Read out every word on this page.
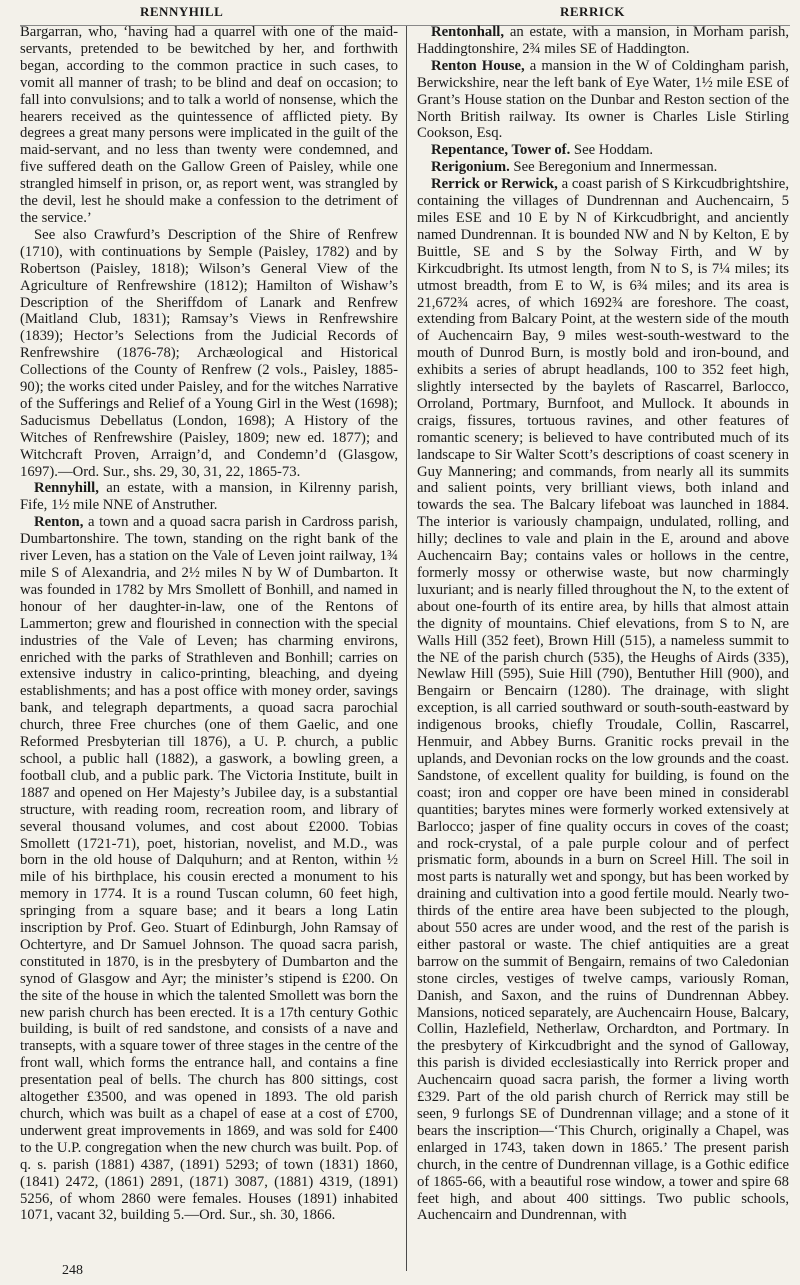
RENNYHILL	RERRICK

Bargarran, who, ‘having had a quarrel with one of the maid-servants, pretended to be bewitched by her, and forthwith began, according to the common practice in such cases, to vomit all manner of trash; to be blind and deaf on occasion; to fall into convulsions; and to talk a world of nonsense, which the hearers received as the quintessence of afflicted piety. By degrees a great many persons were implicated in the guilt of the maid-servant, and no less than twenty were condemned, and five suffered death on the Gallow Green of Paisley, while one strangled himself in prison, or, as report went, was strangled by the devil, lest he should make a confession to the detriment of the service.’

See also Crawfurd’s Description of the Shire of Renfrew (1710), with continuations by Semple (Paisley, 1782) and by Robertson (Paisley, 1818); Wilson’s General View of the Agriculture of Renfrewshire (1812); Hamilton of Wishaw’s Description of the Sheriffdom of Lanark and Renfrew (Maitland Club, 1831); Ramsay’s Views in Renfrewshire (1839); Hector’s Selections from the Judicial Records of Renfrewshire (1876-78); Archæological and Historical Collections of the County of Renfrew (2 vols., Paisley, 1885-90); the works cited under Paisley, and for the witches Narrative of the Sufferings and Relief of a Young Girl in the West (1698); Saducismus Debellatus (London, 1698); A History of the Witches of Renfrewshire (Paisley, 1809; new ed. 1877); and Witchcraft Proven, Arraign’d, and Condemn’d (Glasgow, 1697).—Ord. Sur., shs. 29, 30, 31, 22, 1865-73.

Rennyhill, an estate, with a mansion, in Kilrenny parish, Fife, 1½ mile NNE of Anstruther.

Renton, a town and a quoad sacra parish in Cardross parish, Dumbartonshire. The town, standing on the right bank of the river Leven, has a station on the Vale of Leven joint railway, 1¾ mile S of Alexandria, and 2½ miles N by W of Dumbarton. It was founded in 1782 by Mrs Smollett of Bonhill, and named in honour of her daughter-in-law, one of the Rentons of Lammerton; grew and flourished in connection with the special industries of the Vale of Leven; has charming environs, enriched with the parks of Strathleven and Bonhill; carries on extensive industry in calico-printing, bleaching, and dyeing establishments; and has a post office with money order, savings bank, and telegraph departments, a quoad sacra parochial church, three Free churches (one of them Gaelic, and one Reformed Presbyterian till 1876), a U. P. church, a public school, a public hall (1882), a gaswork, a bowling green, a football club, and a public park. The Victoria Institute, built in 1887 and opened on Her Majesty’s Jubilee day, is a substantial structure, with reading room, recreation room, and library of several thousand volumes, and cost about £2000. Tobias Smollett (1721-71), poet, historian, novelist, and M.D., was born in the old house of Dalquhurn; and at Renton, within ½ mile of his birthplace, his cousin erected a monument to his memory in 1774. It is a round Tuscan column, 60 feet high, springing from a square base; and it bears a long Latin inscription by Prof. Geo. Stuart of Edinburgh, John Ramsay of Ochtertyre, and Dr Samuel Johnson. The quoad sacra parish, constituted in 1870, is in the presbytery of Dumbarton and the synod of Glasgow and Ayr; the minister’s stipend is £200. On the site of the house in which the talented Smollett was born the new parish church has been erected. It is a 17th century Gothic building, is built of red sandstone, and consists of a nave and transepts, with a square tower of three stages in the centre of the front wall, which forms the entrance hall, and contains a fine presentation peal of bells. The church has 800 sittings, cost altogether £3500, and was opened in 1893. The old parish church, which was built as a chapel of ease at a cost of £700, underwent great improvements in 1869, and was sold for £400 to the U.P. congregation when the new church was built. Pop. of q. s. parish (1881) 4387, (1891) 5293; of town (1831) 1860, (1841) 2472, (1861) 2891, (1871) 3087, (1881) 4319, (1891) 5256, of whom 2860 were females. Houses (1891) inhabited 1071, vacant 32, building 5.—Ord. Sur., sh. 30, 1866.

Rentonhall, an estate, with a mansion, in Morham parish, Haddingtonshire, 2¾ miles SE of Haddington.

Renton House, a mansion in the W of Coldingham parish, Berwickshire, near the left bank of Eye Water, 1½ mile ESE of Grant’s House station on the Dunbar and Reston section of the North British railway. Its owner is Charles Lisle Stirling Cookson, Esq.

Repentance, Tower of. See Hoddam.

Rerigonium. See Beregonium and Innermessan.

Rerrick or Rerwick, a coast parish of S Kirkcudbrightshire, containing the villages of Dundrennan and Auchencairn, 5 miles ESE and 10 E by N of Kirkcudbright, and anciently named Dundrennan. It is bounded NW and N by Kelton, E by Buittle, SE and S by the Solway Firth, and W by Kirkcudbright. Its utmost length, from N to S, is 7¼ miles; its utmost breadth, from E to W, is 6¾ miles; and its area is 21,672¾ acres, of which 1692¾ are foreshore. The coast, extending from Balcary Point, at the western side of the mouth of Auchencairn Bay, 9 miles west-south-westward to the mouth of Dunrod Burn, is mostly bold and iron-bound, and exhibits a series of abrupt headlands, 100 to 352 feet high, slightly intersected by the baylets of Rascarrel, Barlocco, Orroland, Portmary, Burnfoot, and Mullock. It abounds in craigs, fissures, tortuous ravines, and other features of romantic scenery; is believed to have contributed much of its landscape to Sir Walter Scott’s descriptions of coast scenery in Guy Mannering; and commands, from nearly all its summits and salient points, very brilliant views, both inland and towards the sea. The Balcary lifeboat was launched in 1884. The interior is variously champaign, undulated, rolling, and hilly; declines to vale and plain in the E, around and above Auchencairn Bay; contains vales or hollows in the centre, formerly mossy or otherwise waste, but now charmingly luxuriant; and is nearly filled throughout the N, to the extent of about one-fourth of its entire area, by hills that almost attain the dignity of mountains. Chief elevations, from S to N, are Walls Hill (352 feet), Brown Hill (515), a nameless summit to the NE of the parish church (535), the Heughs of Airds (335), Newlaw Hill (595), Suie Hill (790), Bentuther Hill (900), and Bengairn or Bencairn (1280). The drainage, with slight exception, is all carried southward or south-south-eastward by indigenous brooks, chiefly Troudale, Collin, Rascarrel, Henmuir, and Abbey Burns. Granitic rocks prevail in the uplands, and Devonian rocks on the low grounds and the coast. Sandstone, of excellent quality for building, is found on the coast; iron and copper ore have been mined in considerabl quantities; barytes mines were formerly worked extensively at Barlocco; jasper of fine quality occurs in coves of the coast; and rock-crystal, of a pale purple colour and of perfect prismatic form, abounds in a burn on Screel Hill. The soil in most parts is naturally wet and spongy, but has been worked by draining and cultivation into a good fertile mould. Nearly two-thirds of the entire area have been subjected to the plough, about 550 acres are under wood, and the rest of the parish is either pastoral or waste. The chief antiquities are a great barrow on the summit of Bengairn, remains of two Caledonian stone circles, vestiges of twelve camps, variously Roman, Danish, and Saxon, and the ruins of Dundrennan Abbey. Mansions, noticed separately, are Auchencairn House, Balcary, Collin, Hazlefield, Netherlaw, Orchardton, and Portmary. In the presbytery of Kirkcudbright and the synod of Galloway, this parish is divided ecclesiastically into Rerrick proper and Auchencairn quoad sacra parish, the former a living worth £329. Part of the old parish church of Rerrick may still be seen, 9 furlongs SE of Dundrennan village; and a stone of it bears the inscription—‘This Church, originally a Chapel, was enlarged in 1743, taken down in 1865.’ The present parish church, in the centre of Dundrennan village, is a Gothic edifice of 1865-66, with a beautiful rose window, a tower and spire 68 feet high, and about 400 sittings. Two public schools, Auchencairn and Dundrennan, with

248
